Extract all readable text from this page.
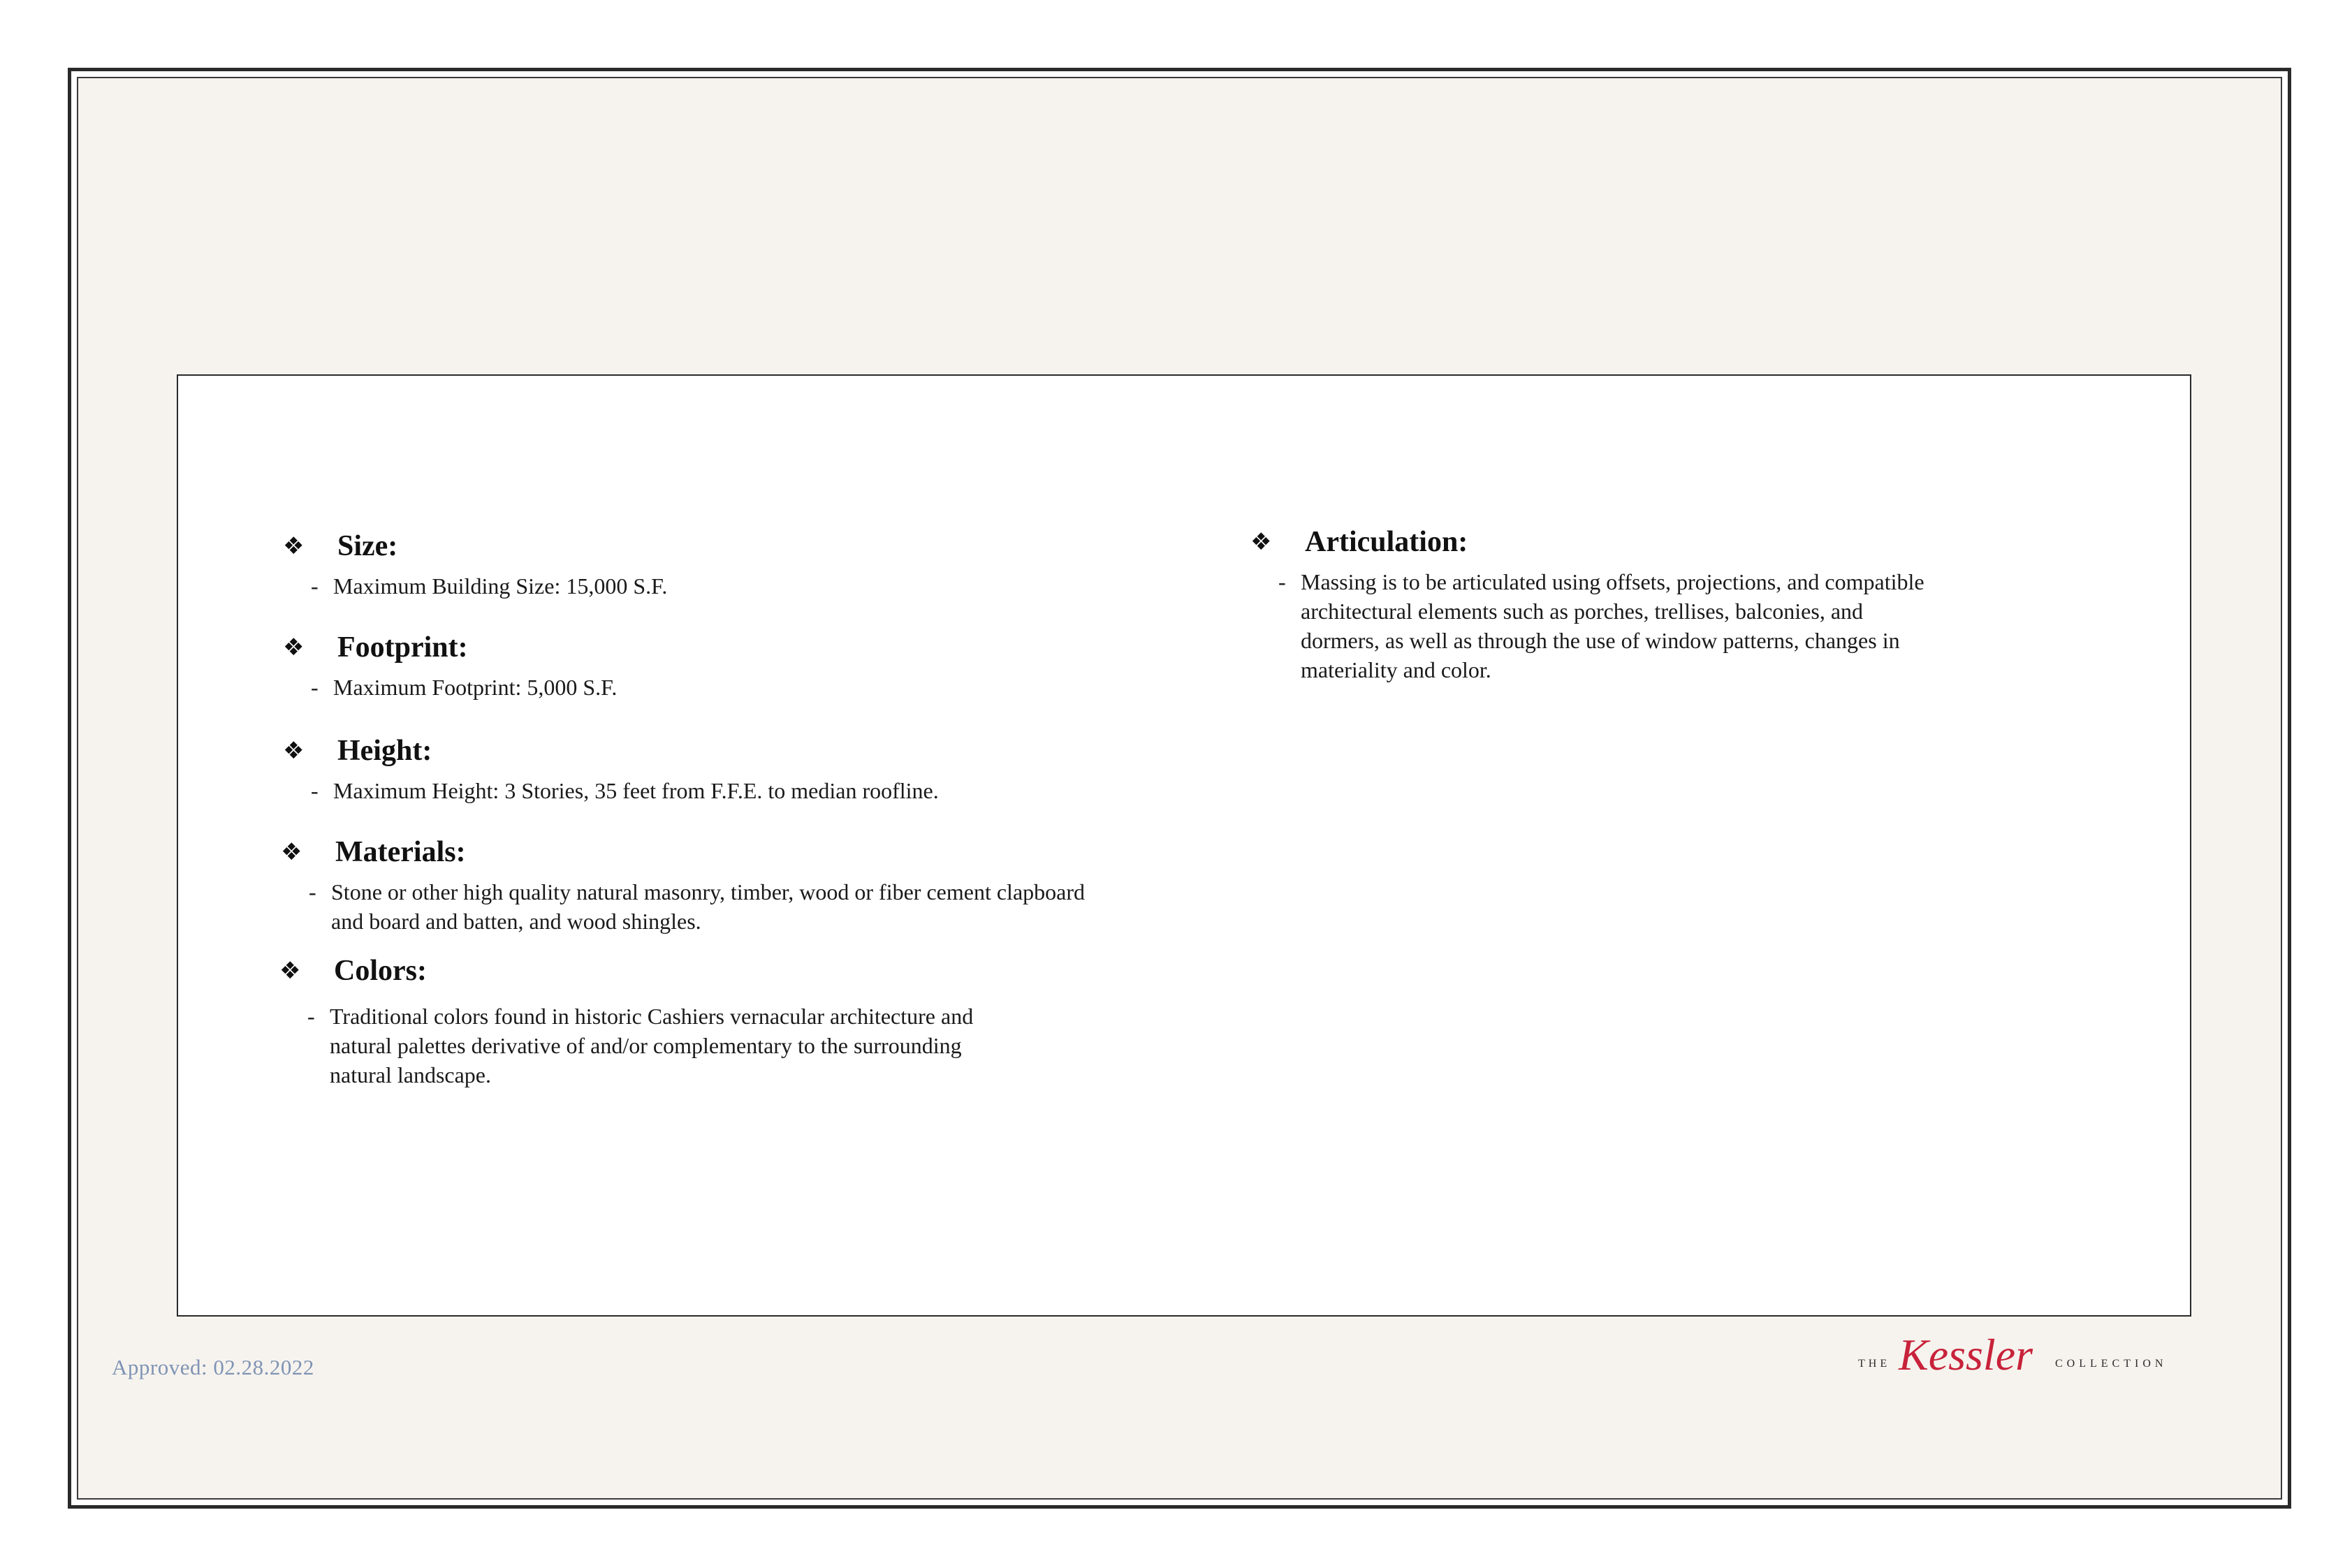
❖	Size:
- Maximum Building Size: 15,000 S.F.
❖	Footprint:
- Maximum Footprint: 5,000 S.F.
❖	Height:
- Maximum Height: 3 Stories, 35 feet from F.F.E. to median roofline.
❖	Materials:
- Stone or other high quality natural masonry, timber, wood or fiber cement clapboard
and board and batten, and wood shingles.
❖	Colors:
- Traditional colors found in historic Cashiers vernacular architecture and
natural palettes derivative of and/or complementary to the surrounding
natural landscape.
❖	Articulation:
- Massing is to be articulated using offsets, projections, and compatible
architectural elements such as porches, trellises, balconies, and
dormers, as well as through the use of window patterns, changes in
materiality and color.
Approved: 02.28.2022	THE Kessler COLLECTION
